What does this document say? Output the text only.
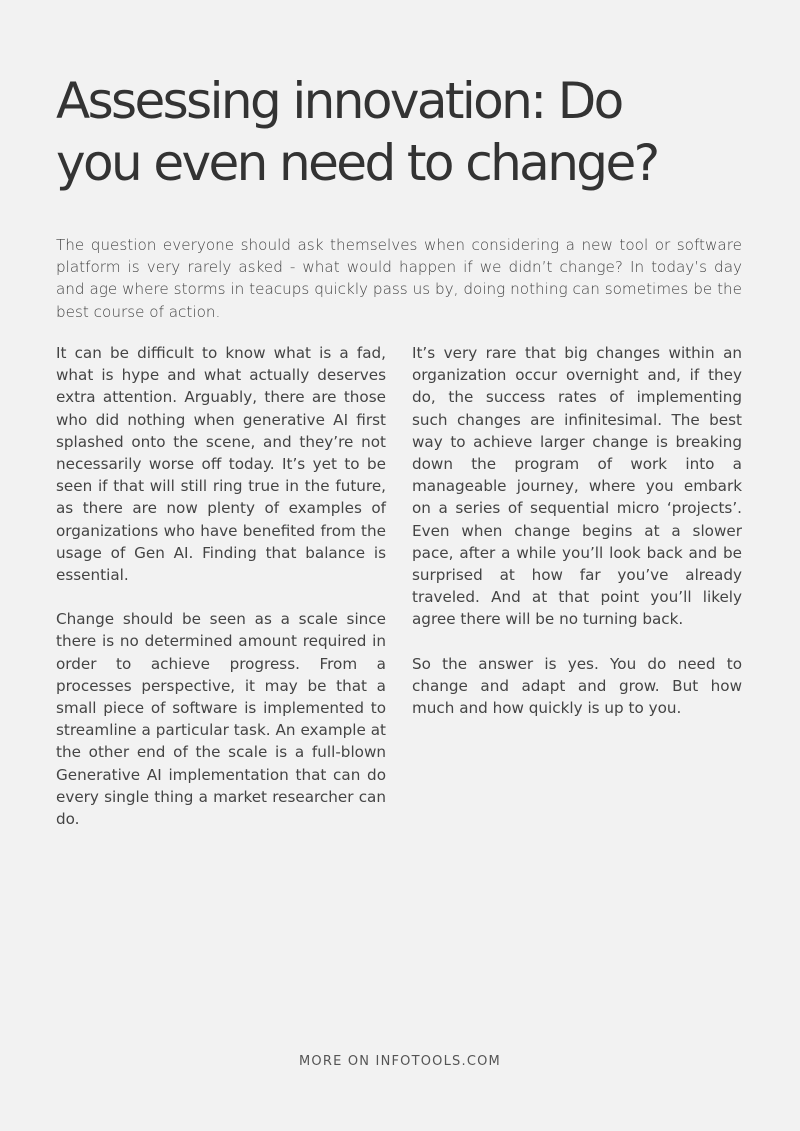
Assessing innovation: Do
you even need to change?

The question everyone should ask themselves when considering a new tool or software platform is very rarely asked - what would happen if we didn’t change? In today’s day and age where storms in teacups quickly pass us by, doing nothing can sometimes be the best course of action.

It can be difficult to know what is a fad, what is hype and what actually deserves extra attention. Arguably, there are those who did nothing when generative AI first splashed onto the scene, and they’re not necessarily worse off today. It’s yet to be seen if that will still ring true in the future, as there are now plenty of examples of organizations who have benefited from the usage of Gen AI. Finding that balance is essential.

Change should be seen as a scale since there is no determined amount required in order to achieve progress. From a processes perspective, it may be that a small piece of software is implemented to streamline a particular task. An example at the other end of the scale is a full-blown Generative AI implementation that can do every single thing a market researcher can do.

It’s very rare that big changes within an organization occur overnight and, if they do, the success rates of implementing such changes are infinitesimal. The best way to achieve larger change is breaking down the program of work into a manageable journey, where you embark on a series of sequential micro ‘projects’. Even when change begins at a slower pace, after a while you’ll look back and be surprised at how far you’ve already traveled. And at that point you’ll likely agree there will be no turning back.

So the answer is yes. You do need to change and adapt and grow. But how much and how quickly is up to you.

MORE ON INFOTOOLS.COM
